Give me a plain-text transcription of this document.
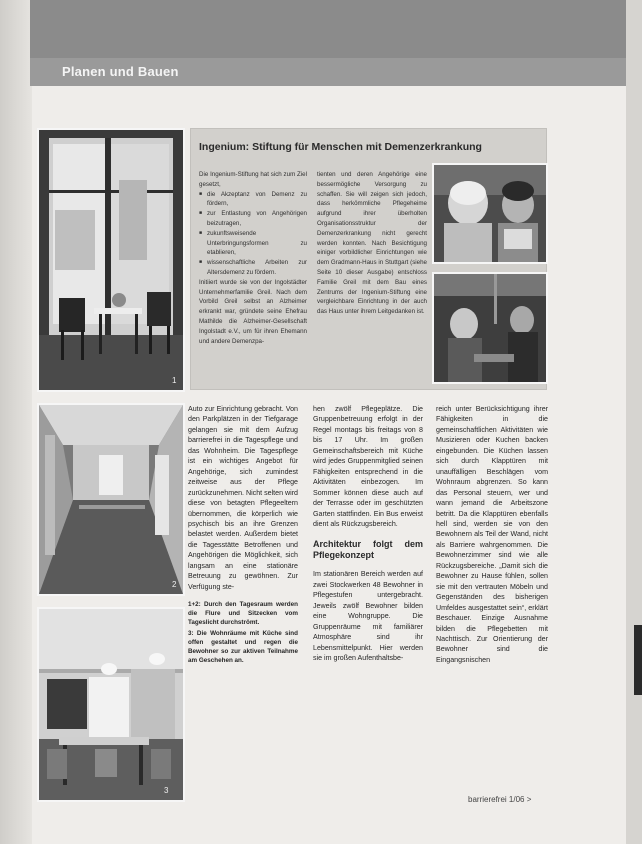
Planen und Bauen
1
2
3
Ingenium: Stiftung für Menschen mit Demenzerkrankung

Die Ingenium-Stiftung hat sich zum Ziel gesetzt,

■ die Akzeptanz von Demenz zu fördern,
■ zur Entlastung von Angehörigen beizutragen,
■ zukunftsweisende Unterbringungsformen zu etablieren,
■ wissenschaftliche Arbeiten zur Altersdemenz zu fördern.

Initiiert wurde sie von der Ingolstädter Unternehmerfamilie Greil. Nach dem Vorbild Greil selbst an Alzheimer erkrankt war, gründete seine Ehefrau Mathilde die Alzheimer-Gesellschaft Ingolstadt e.V., um für ihren Ehemann und andere Demenzpa-

tienten und deren Angehörige eine bessermögliche Versorgung zu schaffen. Sie will zeigen sich jedoch, dass herkömmliche Pflegeheime aufgrund ihrer überholten Organisationsstruktur der Demenzerkrankung nicht gerecht werden konnten. Nach Besichtigung einiger vorbildlicher Einrichtungen wie dem Gradmann-Haus in Stuttgart (siehe Seite 10 dieser Ausgabe) entschloss Familie Greil mit dem Bau eines Zentrums der Ingenium-Stiftung eine vergleichbare Einrichtung in der auch das Haus unter ihrem Leitgedanken ist.

Auto zur Einrichtung gebracht. Von den Parkplätzen in der Tiefgarage gelangen sie mit dem Aufzug barrierefrei in die Tagespflege und das Wohnheim. Die Tagespflege ist ein wichtiges Angebot für Angehörige, sich zumindest zeitweise aus der Pflege zurückzunehmen. Nicht selten wird diese von betagten Pflegeeltern übernommen, die körperlich wie psychisch bis an ihre Grenzen belastet werden. Außerdem bietet die Tagesstätte Betroffenen und Angehörigen die Möglichkeit, sich langsam an eine stationäre Betreuung zu gewöhnen. Zur Verfügung ste-

1+2: Durch den Tagesraum werden die Flure und Sitzecken vom Tageslicht durchströmt.

3: Die Wohnräume mit Küche sind offen gestaltet und regen die Bewohner so zur aktiven Teilnahme am Geschehen an.

hen zwölf Pflegeplätze. Die Gruppenbetreuung erfolgt in der Regel montags bis freitags von 8 bis 17 Uhr. Im großen Gemeinschaftsbereich mit Küche wird jedes Gruppenmitglied seinen Fähigkeiten entsprechend in die Aktivitäten einbezogen. Im Sommer können diese auch auf der Terrasse oder im geschützten Garten stattfinden. Ein Bus erweist dient als Rückzugsbereich.

Architektur folgt dem Pflegekonzept

Im stationären Bereich werden auf zwei Stockwerken 48 Bewohner in Pflegestufen untergebracht. Jeweils zwölf Bewohner bilden eine Wohngruppe. Die Gruppenräume mit familiärer Atmosphäre sind ihr Lebensmittelpunkt. Hier werden sie im großen Aufenthaltsbe-

reich unter Berücksichtigung ihrer Fähigkeiten in die gemeinschaftlichen Aktivitäten wie Musizieren oder Kuchen backen eingebunden. Die Küchen lassen sich durch Klapptüren mit unauffälligen Beschlägen vom Wohnraum abgrenzen. So kann das Personal steuern, wer und wann jemand die Arbeitszone betritt. Da die Klapptüren ebenfalls hell sind, werden sie von den Bewohnern als Teil der Wand, nicht als Barriere wahrgenommen. Die Bewohnerzimmer sind wie alle Rückzugsbereiche. „Damit sich die Bewohner zu Hause fühlen, sollen sie mit den vertrauten Möbeln und Gegenständen des bisherigen Umfeldes ausgestattet sein“, erklärt Beschauer. Einzige Ausnahme bilden die Pflegebetten mit Nachttisch. Zur Orientierung der Bewohner sind die Eingangsnischen

barrierefrei 1/06 >
